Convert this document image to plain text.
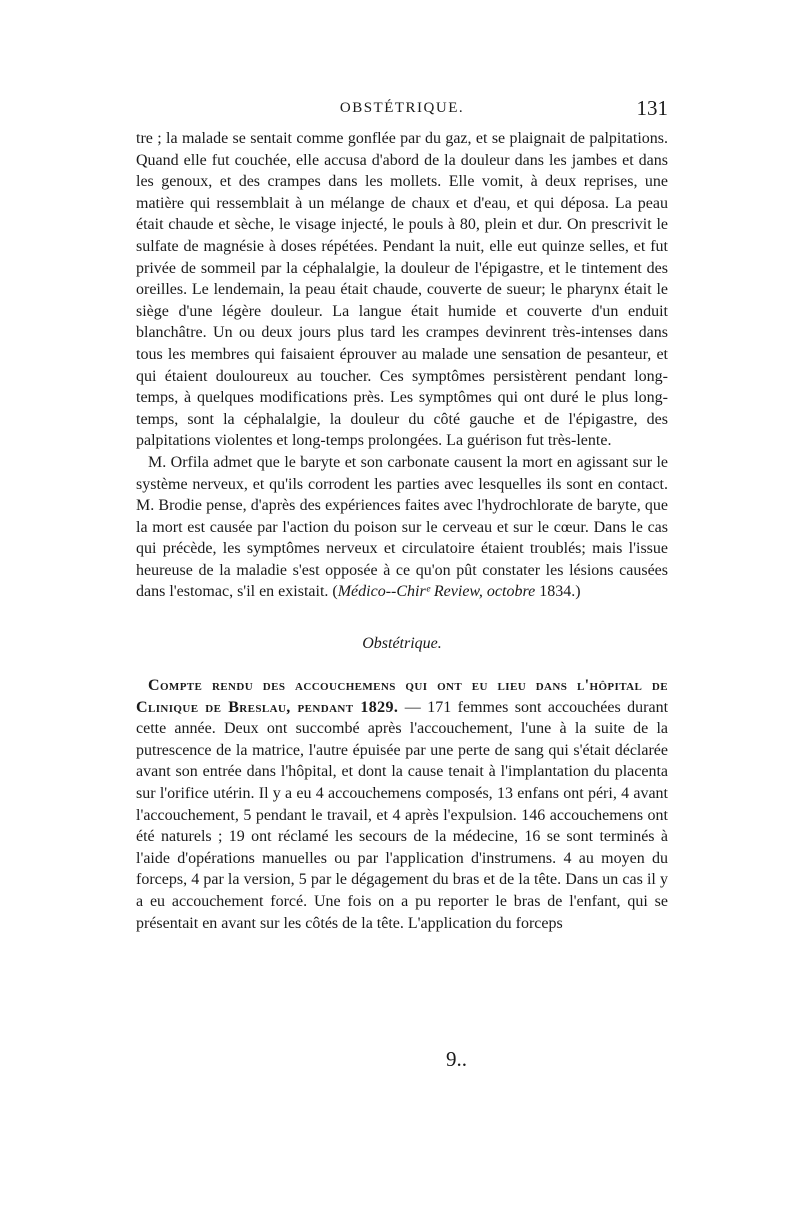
OBSTÉTRIQUE.	131

tre ; la malade se sentait comme gonflée par du gaz, et se plaignait de palpitations. Quand elle fut couchée, elle accusa d'abord de la douleur dans les jambes et dans les genoux, et des crampes dans les mollets. Elle vomit, à deux reprises, une matière qui ressemblait à un mélange de chaux et d'eau, et qui déposa. La peau était chaude et sèche, le visage injecté, le pouls à 80, plein et dur. On prescrivit le sulfate de magnésie à doses répétées. Pendant la nuit, elle eut quinze selles, et fut privée de sommeil par la céphalalgie, la douleur de l'épigastre, et le tintement des oreilles. Le lendemain, la peau était chaude, couverte de sueur; le pharynx était le siège d'une légère douleur. La langue était humide et couverte d'un enduit blanchâtre. Un ou deux jours plus tard les crampes devinrent très-intenses dans tous les membres qui faisaient éprouver au malade une sensation de pesanteur, et qui étaient douloureux au toucher. Ces symptômes persistèrent pendant long-temps, à quelques modifications près. Les symptômes qui ont duré le plus long-temps, sont la céphalalgie, la douleur du côté gauche et de l'épigastre, des palpitations violentes et long-temps prolongées. La guérison fut très-lente.

M. Orfila admet que le baryte et son carbonate causent la mort en agissant sur le système nerveux, et qu'ils corrodent les parties avec lesquelles ils sont en contact. M. Brodie pense, d'après des expériences faites avec l'hydrochlorate de baryte, que la mort est causée par l'action du poison sur le cerveau et sur le cœur. Dans le cas qui précède, les symptômes nerveux et circulatoire étaient troublés; mais l'issue heureuse de la maladie s'est opposée à ce qu'on pût constater les lésions causées dans l'estomac, s'il en existait. (Médico--Chirᵉ Review, octobre 1834.)

Obstétrique.

Compte rendu des accouchemens qui ont eu lieu dans l'hôpital de Clinique de Breslau, pendant 1829. — 171 femmes sont accouchées durant cette année. Deux ont succombé après l'accouchement, l'une à la suite de la putrescence de la matrice, l'autre épuisée par une perte de sang qui s'était déclarée avant son entrée dans l'hôpital, et dont la cause tenait à l'implantation du placenta sur l'orifice utérin. Il y a eu 4 accouchemens composés, 13 enfans ont péri, 4 avant l'accouchement, 5 pendant le travail, et 4 après l'expulsion. 146 accouchemens ont été naturels ; 19 ont réclamé les secours de la médecine, 16 se sont terminés à l'aide d'opérations manuelles ou par l'application d'instrumens. 4 au moyen du forceps, 4 par la version, 5 par le dégagement du bras et de la tête. Dans un cas il y a eu accouchement forcé. Une fois on a pu reporter le bras de l'enfant, qui se présentait en avant sur les côtés de la tête. L'application du forceps

9..
